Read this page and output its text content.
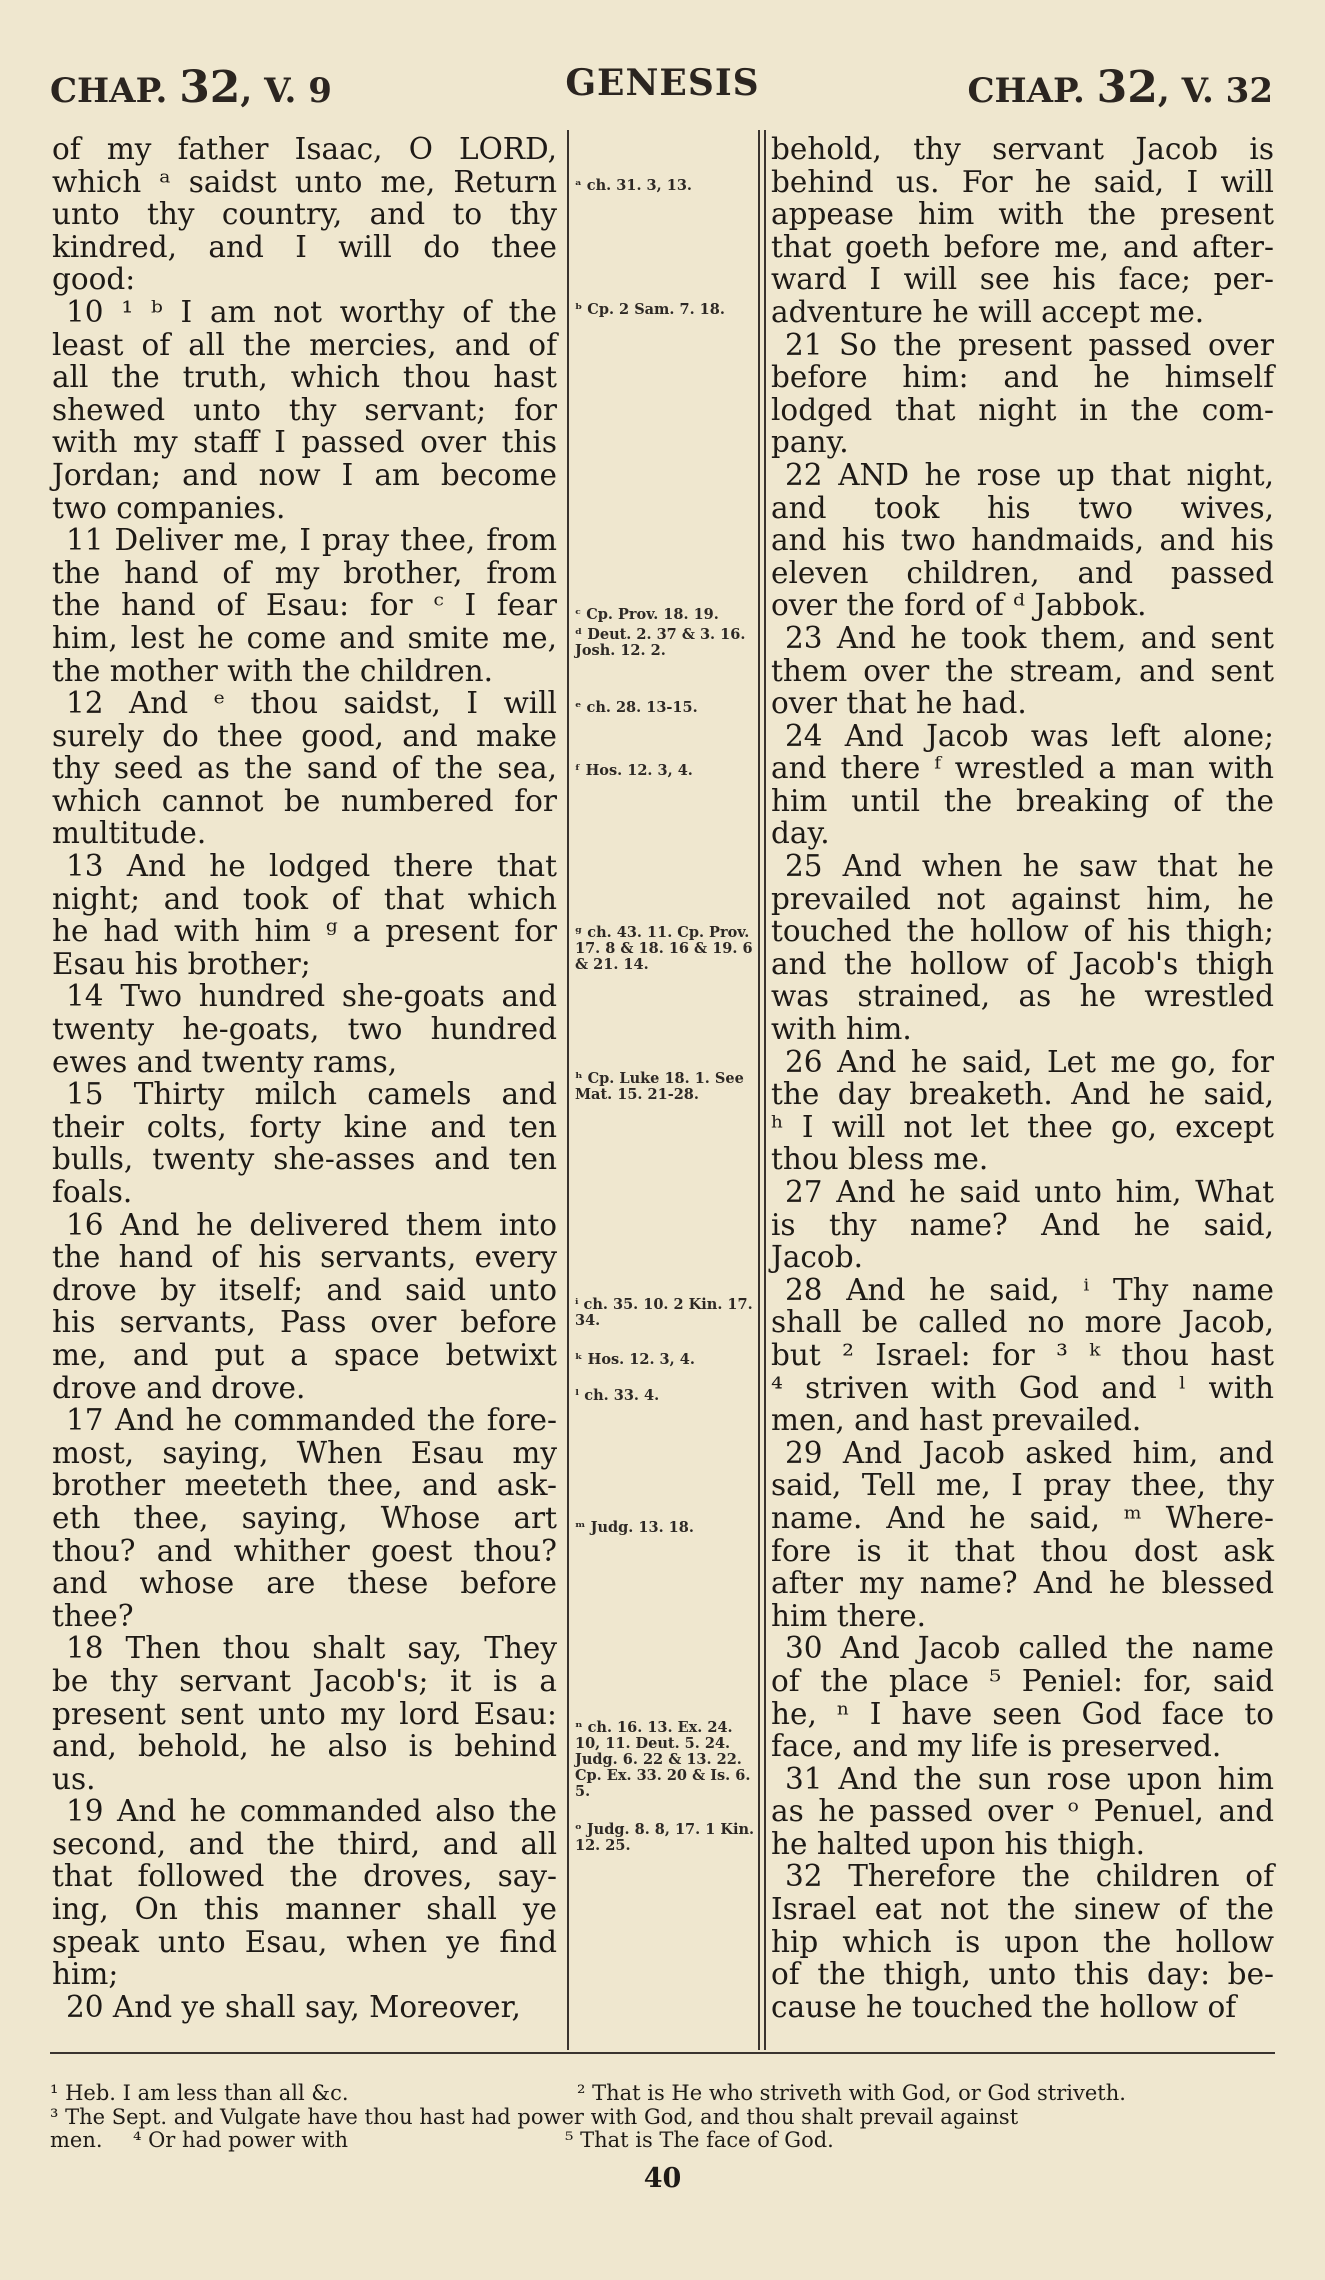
CHAP. 32, V. 9	GENESIS	CHAP. 32, V. 32
of my father Isaac, O LORD,
which ᵃ saidst unto me, Return
unto thy country, and to thy
kindred, and I will do thee
good:
10 ¹ ᵇ I am not worthy of the
least of all the mercies, and of
all the truth, which thou hast
shewed unto thy servant; for
with my staff I passed over this
Jordan; and now I am become
two companies.
11 Deliver me, I pray thee, from
the hand of my brother, from
the hand of Esau: for ᶜ I fear
him, lest he come and smite me,
the mother with the children.
12 And ᵉ thou saidst, I will
surely do thee good, and make
thy seed as the sand of the sea,
which cannot be numbered for
multitude.
13 And he lodged there that
night; and took of that which
he had with him ᵍ a present for
Esau his brother;
14 Two hundred she-goats and
twenty he-goats, two hundred
ewes and twenty rams,
15 Thirty milch camels and
their colts, forty kine and ten
bulls, twenty she-asses and ten
foals.
16 And he delivered them into
the hand of his servants, every
drove by itself; and said unto
his servants, Pass over before
me, and put a space betwixt
drove and drove.
17 And he commanded the fore-
most, saying, When Esau my
brother meeteth thee, and ask-
eth thee, saying, Whose art
thou? and whither goest thou?
and whose are these before
thee?
18 Then thou shalt say, They
be thy servant Jacob's; it is a
present sent unto my lord Esau:
and, behold, he also is behind
us.
19 And he commanded also the
second, and the third, and all
that followed the droves, say-
ing, On this manner shall ye
speak unto Esau, when ye find
him;
20 And ye shall say, Moreover,
ᵃ ch. 31. 3, 13.
ᵇ Cp. 2 Sam. 7. 18.
ᶜ Cp. Prov. 18. 19.
ᵈ Deut. 2. 37 & 3. 16. Josh. 12. 2.
ᵉ ch. 28. 13-15.
ᶠ Hos. 12. 3, 4.
ᵍ ch. 43. 11. Cp. Prov. 17. 8 & 18. 16 & 19. 6 & 21. 14.
ʰ Cp. Luke 18. 1. See Mat. 15. 21-28.
ⁱ ch. 35. 10. 2 Kin. 17. 34.
ᵏ Hos. 12. 3, 4.
ˡ ch. 33. 4.
ᵐ Judg. 13. 18.
ⁿ ch. 16. 13. Ex. 24. 10, 11. Deut. 5. 24. Judg. 6. 22 & 13. 22. Cp. Ex. 33. 20 & Is. 6. 5.
ᵒ Judg. 8. 8, 17. 1 Kin. 12. 25.
behold, thy servant Jacob is
behind us. For he said, I will
appease him with the present
that goeth before me, and after-
ward I will see his face; per-
adventure he will accept me.
21 So the present passed over
before him: and he himself
lodged that night in the com-
pany.
22 AND he rose up that night,
and took his two wives,
and his two handmaids, and his
eleven children, and passed
over the ford of ᵈ Jabbok.
23 And he took them, and sent
them over the stream, and sent
over that he had.
24 And Jacob was left alone;
and there ᶠ wrestled a man with
him until the breaking of the
day.
25 And when he saw that he
prevailed not against him, he
touched the hollow of his thigh;
and the hollow of Jacob's thigh
was strained, as he wrestled
with him.
26 And he said, Let me go, for
the day breaketh. And he said,
ʰ I will not let thee go, except
thou bless me.
27 And he said unto him, What
is thy name? And he said,
Jacob.
28 And he said, ⁱ Thy name
shall be called no more Jacob,
but ² Israel: for ³ ᵏ thou hast
⁴ striven with God and ˡ with
men, and hast prevailed.
29 And Jacob asked him, and
said, Tell me, I pray thee, thy
name. And he said, ᵐ Where-
fore is it that thou dost ask
after my name? And he blessed
him there.
30 And Jacob called the name
of the place ⁵ Peniel: for, said
he, ⁿ I have seen God face to
face, and my life is preserved.
31 And the sun rose upon him
as he passed over ᵒ Penuel, and
he halted upon his thigh.
32 Therefore the children of
Israel eat not the sinew of the
hip which is upon the hollow
of the thigh, unto this day: be-
cause he touched the hollow of
¹ Heb. I am less than all &c.	² That is He who striveth with God, or God striveth.
³ The Sept. and Vulgate have thou hast had power with God, and thou shalt prevail against
men. ⁴ Or had power with	⁵ That is The face of God.
40
